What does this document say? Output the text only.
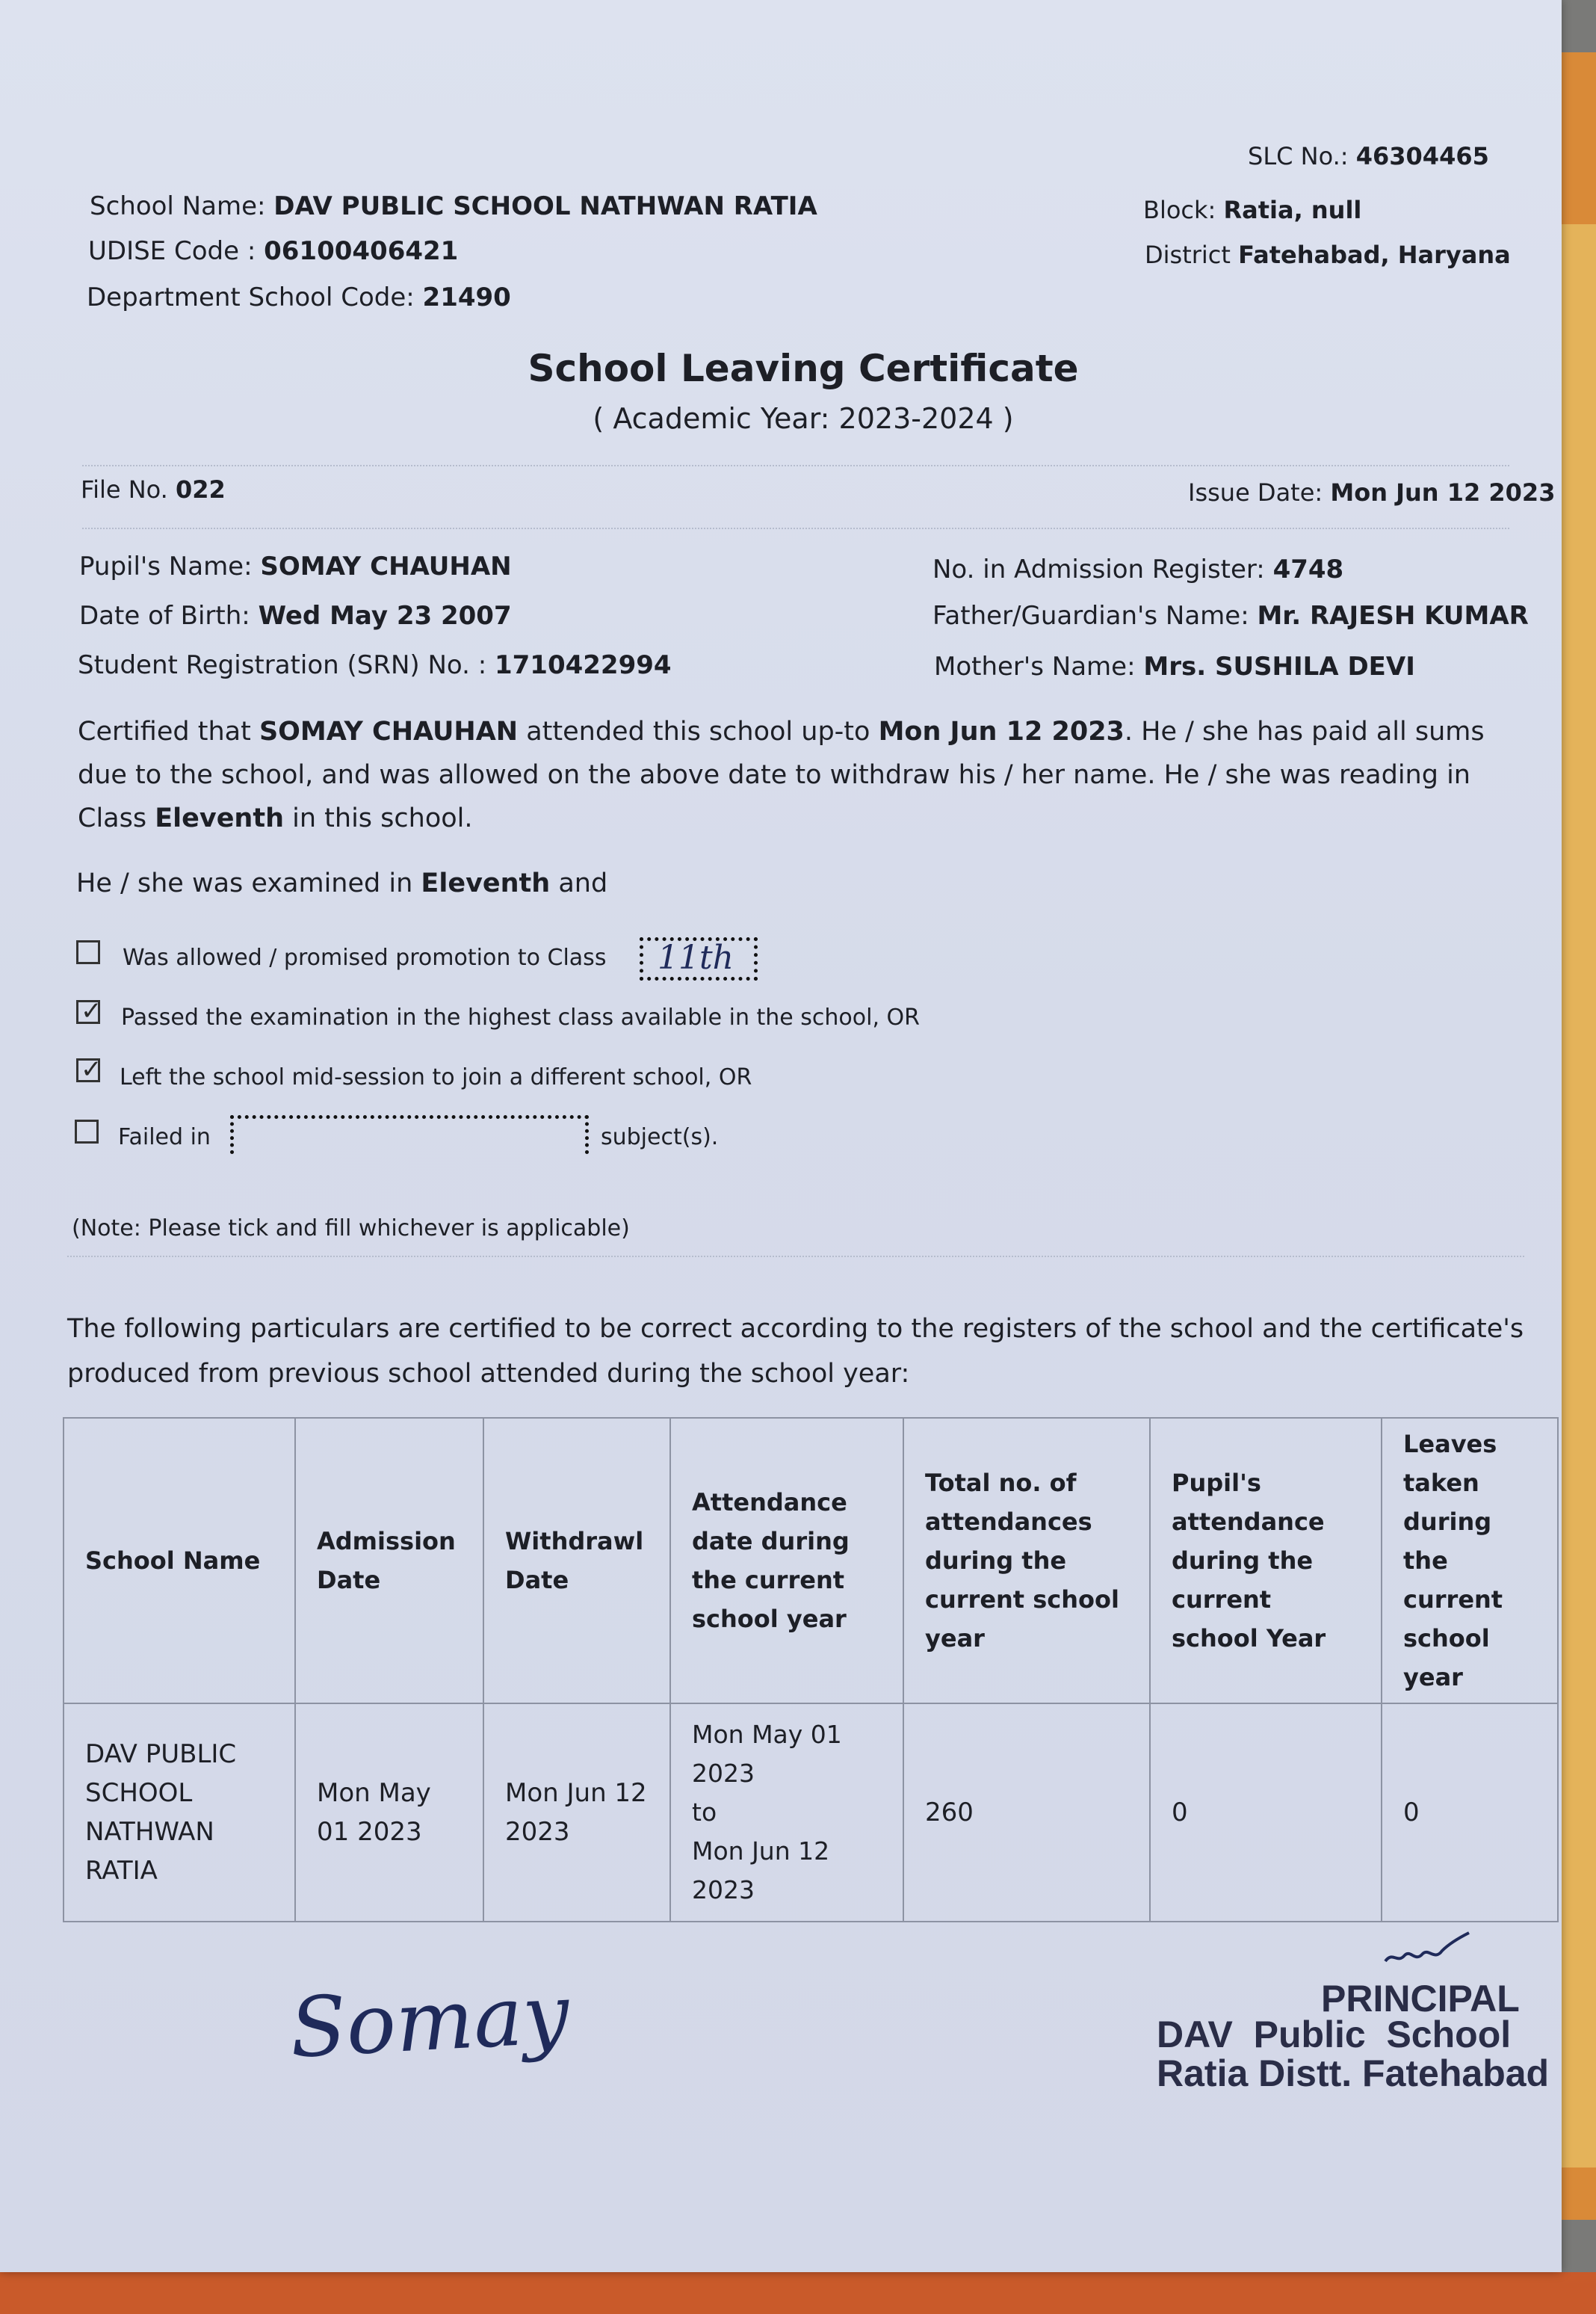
SLC No.: 46304465
Block: Ratia, null
District Fatehabad, Haryana
School Name: DAV PUBLIC SCHOOL NATHWAN RATIA
UDISE Code : 06100406421
Department School Code: 21490
School Leaving Certificate
( Academic Year: 2023-2024 )
File No. 022	Issue Date: Mon Jun 12 2023
Pupil's Name: SOMAY CHAUHAN
Date of Birth: Wed May 23 2007
Student Registration (SRN) No. : 1710422994
No. in Admission Register: 4748
Father/Guardian's Name: Mr. RAJESH KUMAR
Mother's Name: Mrs. SUSHILA DEVI
Certified that SOMAY CHAUHAN attended this school up-to Mon Jun 12 2023. He / she has paid all sums due to the school, and was allowed on the above date to withdraw his / her name. He / she was reading in Class Eleventh in this school.
He / she was examined in Eleventh and
Was allowed / promised promotion to Class 11th
✓ Passed the examination in the highest class available in the school, OR
✓ Left the school mid-session to join a different school, OR
Failed in	subject(s).
(Note: Please tick and fill whichever is applicable)
The following particulars are certified to be correct according to the registers of the school and the certificate's produced from previous school attended during the school year:
School Name	Admission Date	Withdrawl Date	Attendance date during the current school year	Total no. of attendances during the current school year	Pupil's attendance during the current school Year	Leaves taken during the current school year
DAV PUBLIC SCHOOL NATHWAN RATIA	Mon May 01 2023	Mon Jun 12 2023	Mon May 01 2023
to
Mon Jun 12 2023	260	0	0
Somay	PRINCIPAL
DAV  Public  School
Ratia Distt. Fatehabad
